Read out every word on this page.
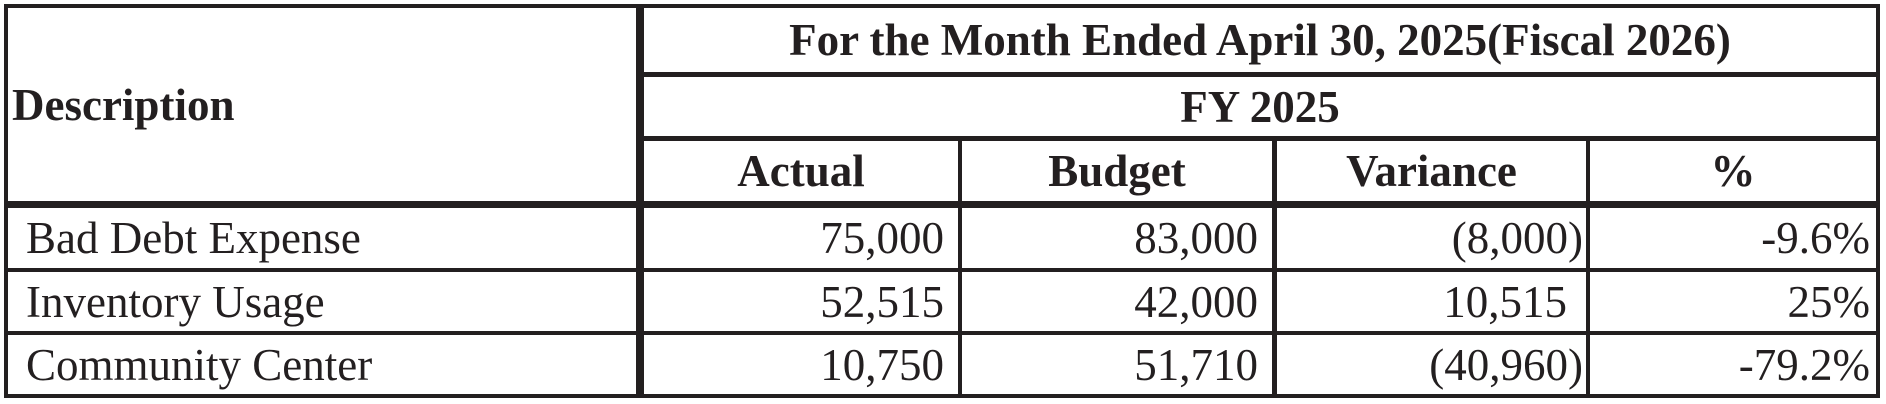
Description
For the Month Ended April 30, 2025(Fiscal 2026)
FY 2025
Actual	Budget	Variance	%
Bad Debt Expense	75,000	83,000	(8,000)	-9.6%
Inventory Usage	52,515	42,000	10,515	25%
Community Center	10,750	51,710	(40,960)	-79.2%
